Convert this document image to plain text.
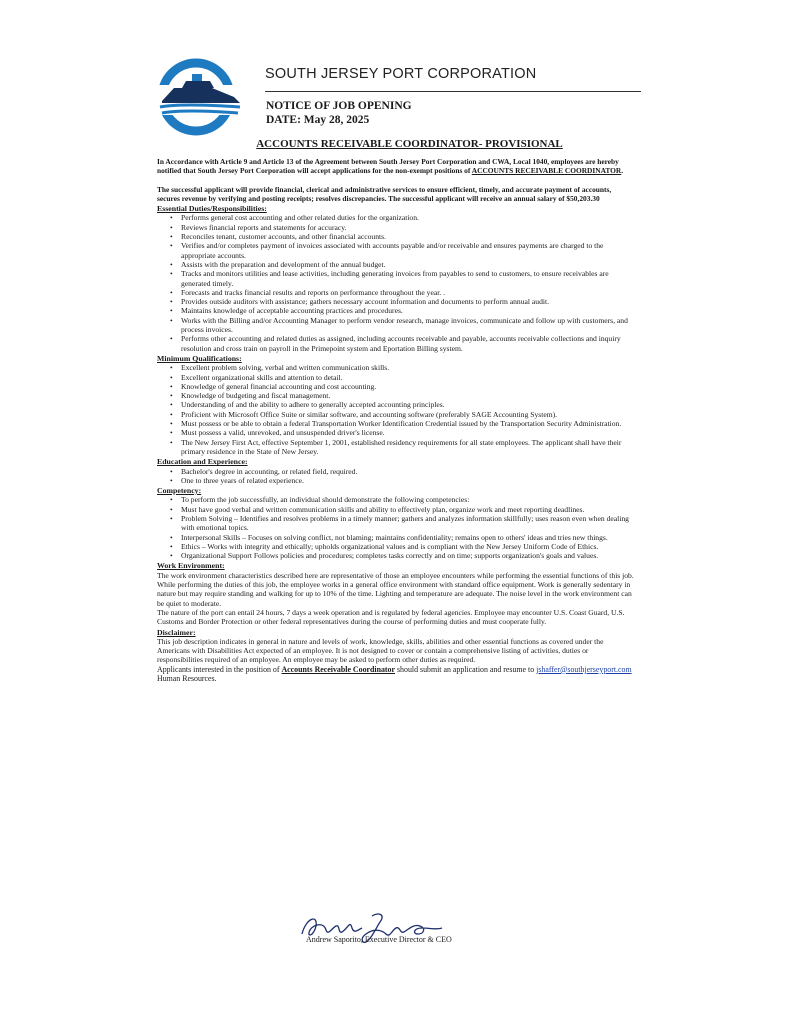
SOUTH JERSEY PORT CORPORATION

NOTICE OF JOB OPENING
DATE: May 28, 2025

ACCOUNTS RECEIVABLE COORDINATOR- PROVISIONAL

In Accordance with Article 9 and Article 13 of the Agreement between South Jersey Port Corporation and CWA, Local 1040, employees are hereby notified that South Jersey Port Corporation will accept applications for the non-exempt positions of ACCOUNTS RECEIVABLE COORDINATOR.

The successful applicant will provide financial, clerical and administrative services to ensure efficient, timely, and accurate payment of accounts, secures revenue by verifying and posting receipts; resolves discrepancies. The successful applicant will receive an annual salary of $50,203.30

Essential Duties/Responsibilities:

• Performs general cost accounting and other related duties for the organization.
• Reviews financial reports and statements for accuracy.
• Reconciles tenant, customer accounts, and other financial accounts.
• Verifies and/or completes payment of invoices associated with accounts payable and/or receivable and ensures payments are charged to the appropriate accounts.
• Assists with the preparation and development of the annual budget.
• Tracks and monitors utilities and lease activities, including generating invoices from payables to send to customers, to ensure receivables are generated timely.
• Forecasts and tracks financial results and reports on performance throughout the year. .
• Provides outside auditors with assistance; gathers necessary account information and documents to perform annual audit.
• Maintains knowledge of acceptable accounting practices and procedures.
• Works with the Billing and/or Accounting Manager to perform vendor research, manage invoices, communicate and follow up with customers, and process invoices.
• Performs other accounting and related duties as assigned, including accounts receivable and payable, accounts receivable collections and inquiry resolution and cross train on payroll in the Primepoint system and Eportation Billing system.

Minimum Qualifications:

• Excellent problem solving, verbal and written communication skills.
• Excellent organizational skills and attention to detail.
• Knowledge of general financial accounting and cost accounting.
• Knowledge of budgeting and fiscal management.
• Understanding of and the ability to adhere to generally accepted accounting principles.
• Proficient with Microsoft Office Suite or similar software, and accounting software (preferably SAGE Accounting System).
• Must possess or be able to obtain a federal Transportation Worker Identification Credential issued by the Transportation Security Administration.
• Must possess a valid, unrevoked, and unsuspended driver's license.
• The New Jersey First Act, effective September 1, 2001, established residency requirements for all state employees. The applicant shall have their primary residence in the State of New Jersey.

Education and Experience:

• Bachelor's degree in accounting, or related field, required.
• One to three years of related experience.

Competency:

• To perform the job successfully, an individual should demonstrate the following competencies:
• Must have good verbal and written communication skills and ability to effectively plan, organize work and meet reporting deadlines.
• Problem Solving – Identifies and resolves problems in a timely manner; gathers and analyzes information skillfully; uses reason even when dealing with emotional topics.
• Interpersonal Skills – Focuses on solving conflict, not blaming; maintains confidentiality; remains open to others' ideas and tries new things.
• Ethics – Works with integrity and ethically; upholds organizational values and is compliant with the New Jersey Uniform Code of Ethics.
• Organizational Support Follows policies and procedures; completes tasks correctly and on time; supports organization's goals and values.

Work Environment:

The work environment characteristics described here are representative of those an employee encounters while performing the essential functions of this job.

While performing the duties of this job, the employee works in a general office environment with standard office equipment. Work is generally sedentary in nature but may require standing and walking for up to 10% of the time. Lighting and temperature are adequate. The noise level in the work environment can be quiet to moderate.

The nature of the port can entail 24 hours, 7 days a week operation and is regulated by federal agencies. Employee may encounter U.S. Coast Guard, U.S. Customs and Border Protection or other federal representatives during the course of performing duties and must cooperate fully.

Disclaimer:

This job description indicates in general in nature and levels of work, knowledge, skills, abilities and other essential functions as covered under the Americans with Disabilities Act expected of an employee. It is not designed to cover or contain a comprehensive listing of activities, duties or responsibilities required of an employee. An employee may be asked to perform other duties as required.

Applicants interested in the position of Accounts Receivable Coordinator should submit an application and resume to jshaffer@southjerseyport.com Human Resources.

Andrew Saporito, Executive Director & CEO
